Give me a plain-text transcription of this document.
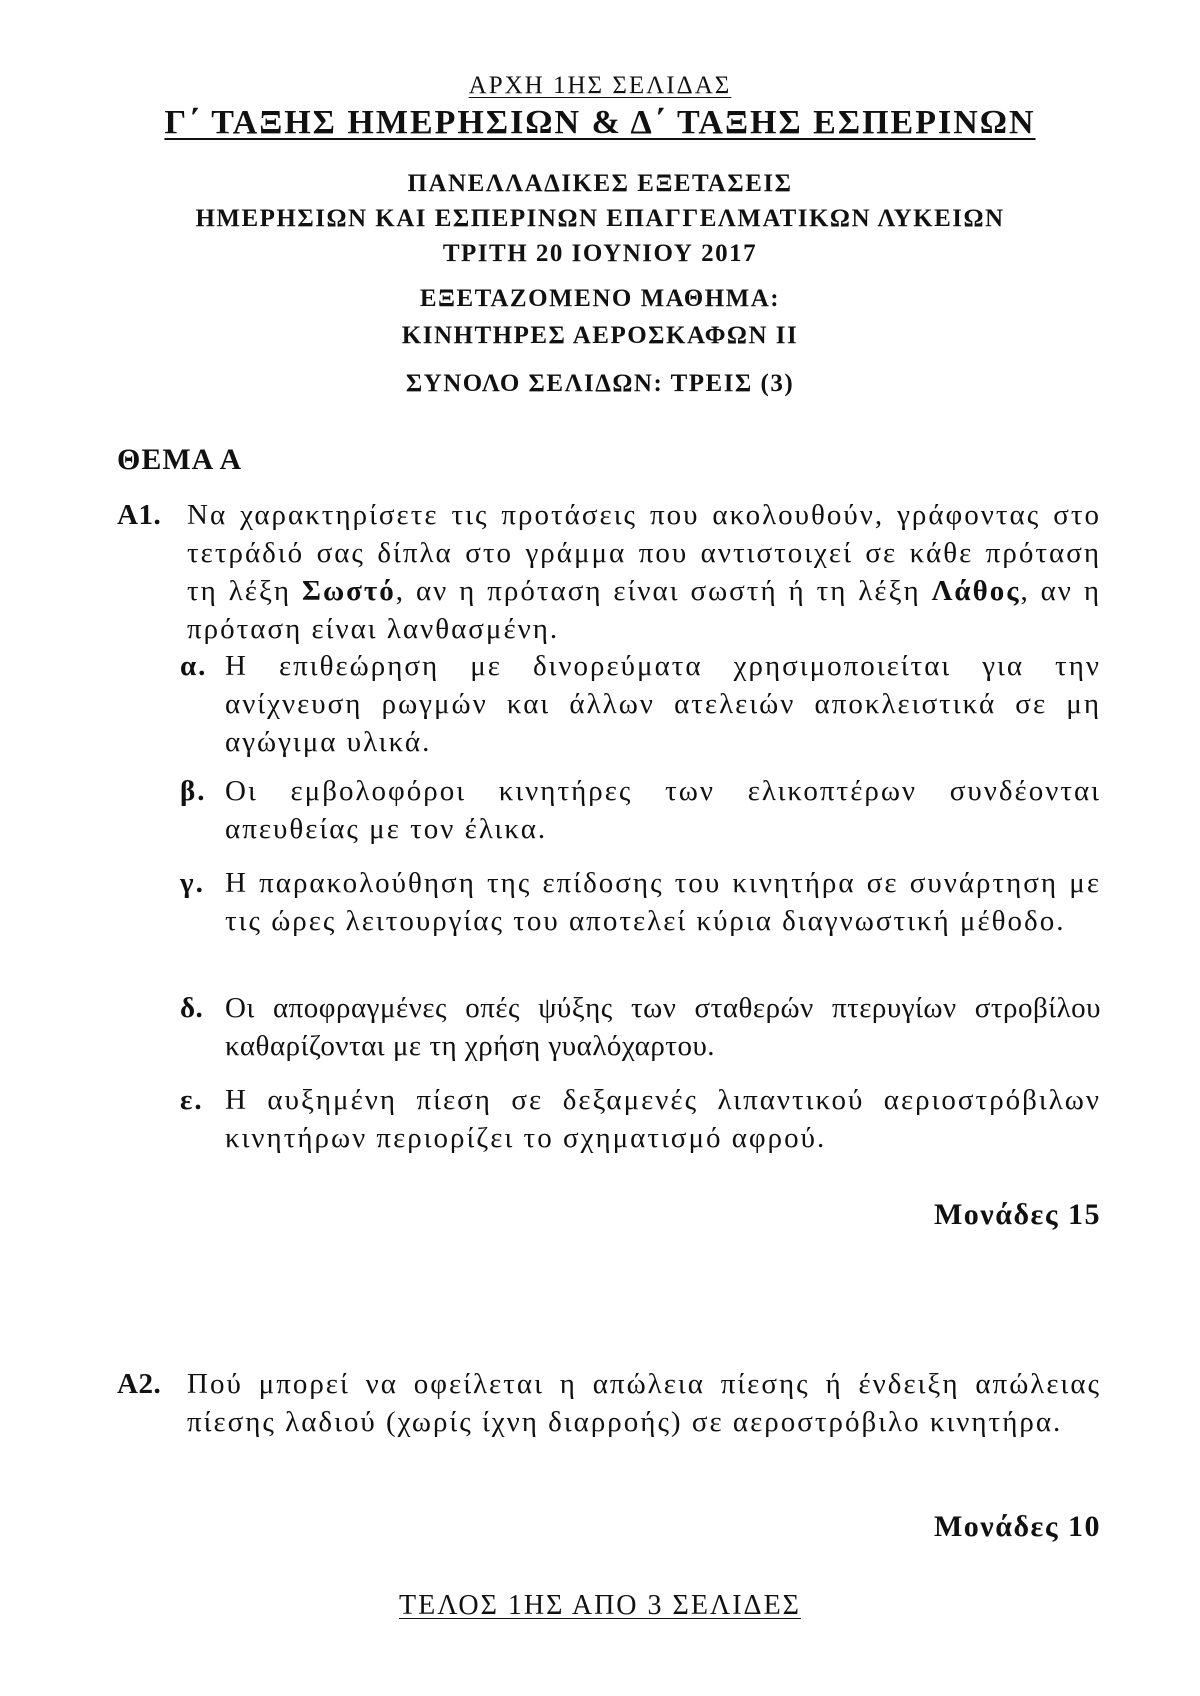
ΑΡΧΗ 1ΗΣ ΣΕΛΙΔΑΣ
Γ΄ ΤΑΞΗΣ ΗΜΕΡΗΣΙΩΝ & Δ΄ ΤΑΞΗΣ ΕΣΠΕΡΙΝΩΝ
ΠΑΝΕΛΛΑΔΙΚΕΣ ΕΞΕΤΑΣΕΙΣ
ΗΜΕΡΗΣΙΩΝ ΚΑΙ ΕΣΠΕΡΙΝΩΝ ΕΠΑΓΓΕΛΜΑΤΙΚΩΝ ΛΥΚΕΙΩΝ
ΤΡΙΤΗ 20 ΙΟΥΝΙΟΥ 2017
ΕΞΕΤΑΖΟΜΕΝΟ ΜΑΘΗΜΑ:
ΚΙΝΗΤΗΡΕΣ ΑΕΡΟΣΚΑΦΩΝ ΙΙ
ΣΥΝΟΛΟ ΣΕΛΙΔΩΝ: ΤΡΕΙΣ (3)
ΘΕΜΑ Α
Α1. Να χαρακτηρίσετε τις προτάσεις που ακολουθούν, γράφοντας στο τετράδιό σας δίπλα στο γράμμα που αντιστοιχεί σε κάθε πρόταση τη λέξη Σωστό, αν η πρόταση είναι σωστή ή τη λέξη Λάθος, αν η πρόταση είναι λανθασμένη.

α. Η επιθεώρηση με δινορεύματα χρησιμοποιείται για την ανίχνευση ρωγμών και άλλων ατελειών αποκλειστικά σε μη αγώγιμα υλικά.

β. Οι εμβολοφόροι κινητήρες των ελικοπτέρων συνδέονται απευθείας με τον έλικα.

γ. Η παρακολούθηση της επίδοσης του κινητήρα σε συνάρτηση με τις ώρες λειτουργίας του αποτελεί κύρια διαγνωστική μέθοδο.

δ. Οι αποφραγμένες οπές ψύξης των σταθερών πτερυγίων στροβίλου καθαρίζονται με τη χρήση γυαλόχαρτου.

ε. Η αυξημένη πίεση σε δεξαμενές λιπαντικού αεριοστρόβιλων κινητήρων περιορίζει το σχηματισμό αφρού.

Μονάδες 15
Α2. Πού μπορεί να οφείλεται η απώλεια πίεσης ή ένδειξη απώλειας πίεσης λαδιού (χωρίς ίχνη διαρροής) σε αεροστρόβιλο κινητήρα.

Μονάδες 10
ΤΕΛΟΣ 1ΗΣ ΑΠΟ 3 ΣΕΛΙΔΕΣ
